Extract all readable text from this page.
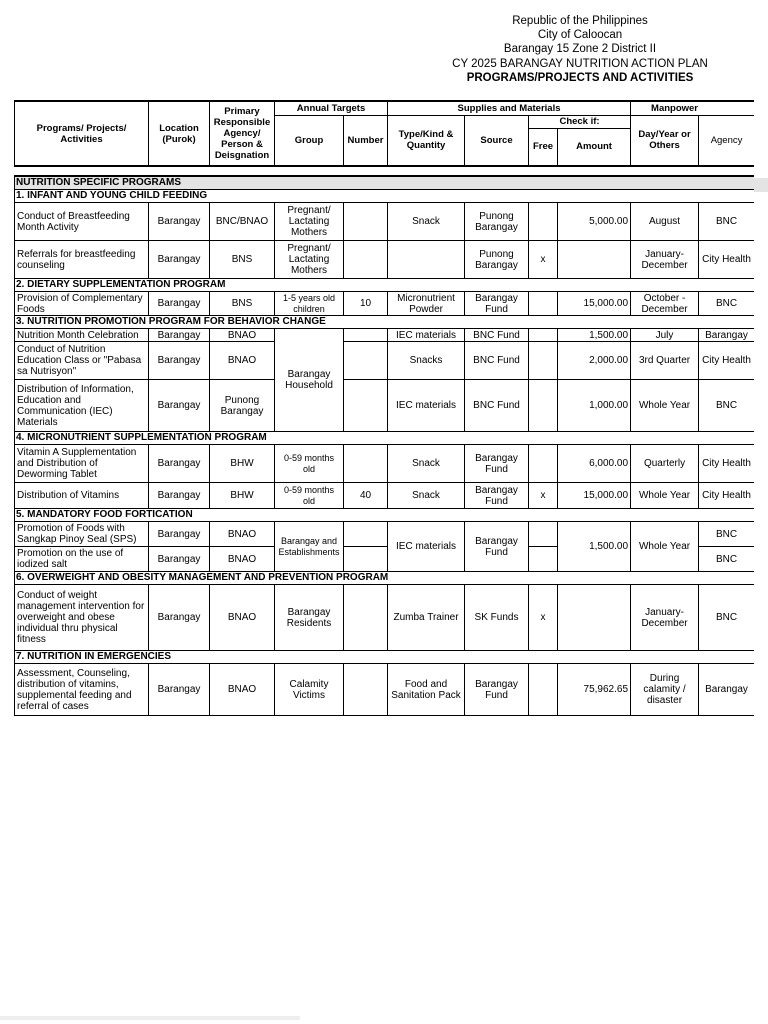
Republic of the Philippines
City of Caloocan
Barangay 15 Zone 2 District II
CY 2025 BARANGAY NUTRITION ACTION PLAN
PROGRAMS/PROJECTS AND ACTIVITIES
Programs/ Projects/ Activities	Location (Purok)	Primary Responsible Agency/ Person & Deisgnation	Annual Targets		Supplies and Materials				Manpower		
			Group	Number	Type/Kind & Quantity	Source	Check if:		Day/Year or Others	Agency	
							Free	Amount			

NUTRITION SPECIFIC PROGRAMS											
1. INFANT AND YOUNG CHILD FEEDING											
Conduct of Breastfeeding Month Activity	Barangay	BNC/BNAO	Pregnant/ Lactating Mothers		Snack	Punong Barangay		5,000.00	August	BNC	
Referrals for breastfeeding counseling	Barangay	BNS	Pregnant/ Lactating Mothers			Punong Barangay	x		January-December	City Health	
2. DIETARY SUPPLEMENTATION PROGRAM											
Provision of Complementary Foods	Barangay	BNS	1-5 years old children	10	Micronutrient Powder	Barangay Fund		15,000.00	October - December	BNC	
3. NUTRITION PROMOTION PROGRAM FOR BEHAVIOR CHANGE											
Nutrition Month Celebration	Barangay	BNAO	Barangay Household		IEC materials	BNC Fund		1,500.00	July	Barangay	
Conduct of Nutrition Education Class or "Pabasa sa Nutrisyon"	Barangay	BNAO			Snacks	BNC Fund		2,000.00	3rd Quarter	City Health	
Distribution of Information, Education and Communication (IEC) Materials	Barangay	Punong Barangay			IEC materials	BNC Fund		1,000.00	Whole Year	BNC	
4. MICRONUTRIENT SUPPLEMENTATION PROGRAM											
Vitamin A Supplementation and Distribution of Deworming Tablet	Barangay	BHW	0-59 months old		Snack	Barangay Fund		6,000.00	Quarterly	City Health	
Distribution of Vitamins	Barangay	BHW	0-59 months old	40	Snack	Barangay Fund	x	15,000.00	Whole Year	City Health	
5. MANDATORY FOOD FORTICATION											
Promotion of Foods with Sangkap Pinoy Seal (SPS)	Barangay	BNAO	Barangay and Establishments		IEC materials	Barangay Fund		1,500.00	Whole Year	BNC	
Promotion on the use of iodized salt	Barangay	BNAO								BNC	
6. OVERWEIGHT AND OBESITY MANAGEMENT AND PREVENTION PROGRAM											
Conduct of weight management intervention for overweight and obese individual thru physical fitness	Barangay	BNAO	Barangay Residents		Zumba Trainer	SK Funds	x		January-December	BNC	
7. NUTRITION IN EMERGENCIES											
Assessment, Counseling, distribution of vitamins, supplemental feeding and referral of cases	Barangay	BNAO	Calamity Victims		Food and Sanitation Pack	Barangay Fund		75,962.65	During calamity / disaster	Barangay	
